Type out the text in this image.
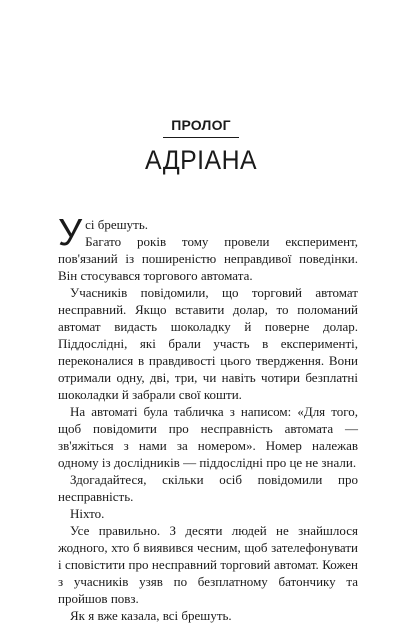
ПРОЛОГ
АДРІАНА

Усі брешуть.
Багато років тому провели експеримент, пов'язаний із поширеністю неправдивої поведінки. Він стосувався торгового автомата.

Учасників повідомили, що торговий автомат несправний. Якщо вставити долар, то поломаний автомат видасть шоколадку й поверне долар. Піддослідні, які брали участь в експерименті, переконалися в правдивості цього твердження. Вони отримали одну, дві, три, чи навіть чотири безплатні шоколадки й забрали свої кошти.

На автоматі була табличка з написом: «Для того, щоб повідомити про несправність автомата — зв'яжіться з нами за номером». Номер належав одному із дослідників — піддослідні про це не знали.

Здогадайтеся, скільки осіб повідомили про несправність.

Ніхто.

Усе правильно. З десяти людей не знайшлося жодного, хто б виявився чесним, щоб зателефонувати і сповістити про несправний торговий автомат. Кожен з учасників узяв по безплатному батончику та пройшов повз.

Як я вже казала, всі брешуть.
